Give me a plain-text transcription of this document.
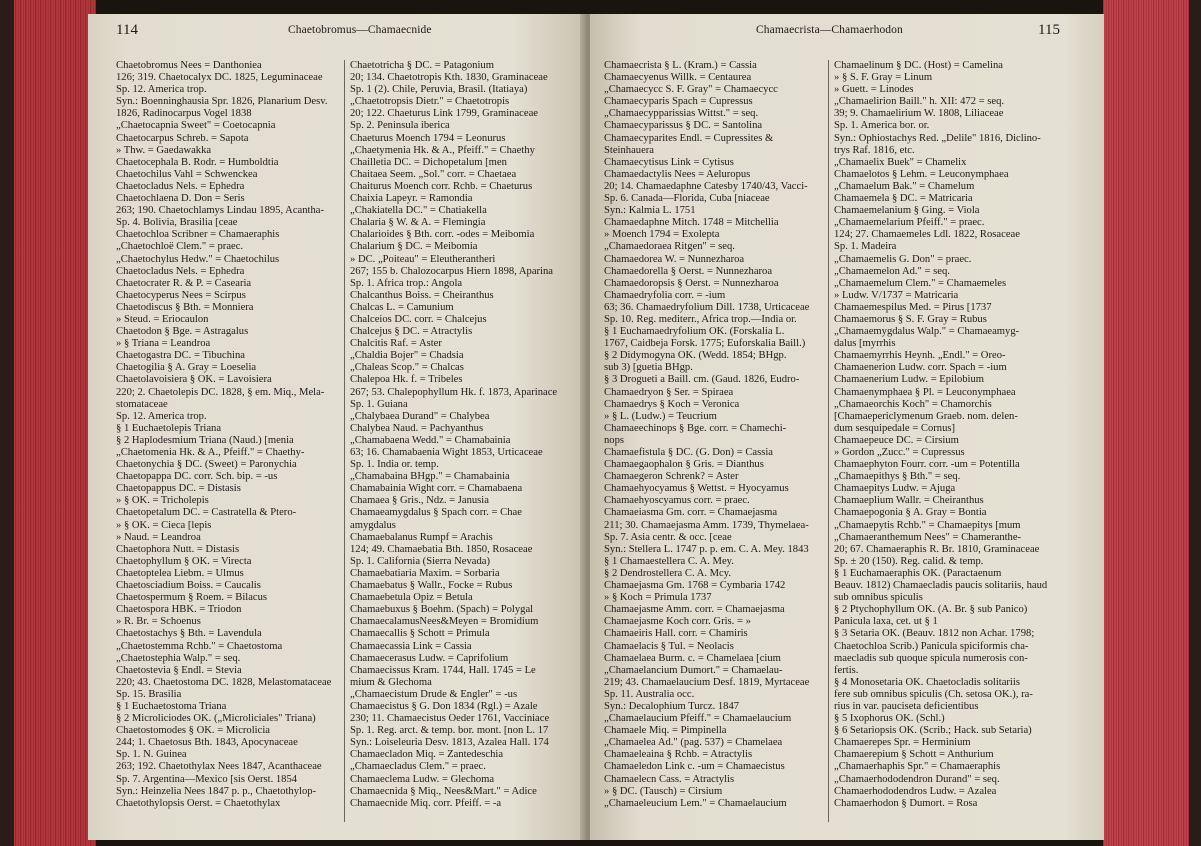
114	Chaetobromus—Chamaecnide
Chaetobromus Nees = Danthoniea
126; 319. Chaetocalyx DC. 1825, Leguminaceae
Sp. 12. America trop.
Syn.: Boenninghausia Spr. 1826, Planarium Desv.
1826, Radinocarpus Vogel 1838
„Chaetocapnia Sweet" = Coetocapnia
Chaetocarpus Schreb. = Sapota
» Thw. = Gaedawakka
Chaetocephala B. Rodr. = Humboldtia
Chaetochilus Vahl = Schwenckea
Chaetocladus Nels. = Ephedra
Chaetochlaena D. Don = Seris
263; 190. Chaetochlamys Lindau 1895, Acantha-
Sp. 4. Bolivia, Brasilia [ceae
Chaetochloa Scribner = Chamaeraphis
„Chaetochloë Clem." = praec.
„Chaetochylus Hedw." = Chaetochilus
Chaetocladus Nels. = Ephedra
Chaetocrater R. & P. = Casearia
Chaetocyperus Nees = Scirpus
Chaetodiscus § Bth. = Monniera
» Steud. = Eriocaulon
Chaetodon § Bge. = Astragalus
» § Triana = Leandroa
Chaetogastra DC. = Tibuchina
Chaetogilia § A. Gray = Loeselia
Chaetolavoisiera § OK. = Lavoisiera
220; 2. Chaetolepis DC. 1828, § em. Miq., Mela-
stomataceae
Sp. 12. America trop.
§ 1 Euchaetolepis Triana
§ 2 Haplodesmium Triana (Naud.) [menia
„Chaetomenia Hk. & A., Pfeiff." = Chaethy-
Chaetonychia § DC. (Sweet) = Paronychia
Chaetopappa DC. corr. Sch. bip. = -us
Chaetopappus DC. = Distasis
» § OK. = Tricholepis
Chaetopetalum DC. = Castratella & Ptero-
» § OK. = Cieca [lepis
» Naud. = Leandroa
Chaetophora Nutt. = Distasis
Chaetophyllum § OK. = Virecta
Chaetoptelea Liebm. = Ulmus
Chaetosciadium Boiss. = Caucalis
Chaetospermum § Roem. = Bilacus
Chaetospora HBK. = Triodon
» R. Br. = Schoenus
Chaetostachys § Bth. = Lavendula
„Chaetostemma Rchb." = Chaetostoma
„Chaetostephia Walp." = seq.
Chaetostevia § Endl. = Stevia
220; 43. Chaetostoma DC. 1828, Melastomataceae
Sp. 15. Brasilia
§ 1 Euchaetostoma Triana
§ 2 Microliciodes OK. („Microliciales" Triana)
Chaetostomodes § OK. = Microlicia
244; 1. Chaetosus Bth. 1843, Apocynaceae
Sp. 1. N. Guinea
263; 192. Chaetothylax Nees 1847, Acanthaceae
Sp. 7. Argentina—Mexico [sis Oerst. 1854
Syn.: Heinzelia Nees 1847 p. p., Chaetothylop-
Chaetothylopsis Oerst. = Chaetothylax
Chaetotricha § DC. = Patagonium
20; 134. Chaetotropis Kth. 1830, Graminaceae
Sp. 1 (2). Chile, Peruvia, Brasil. (Itatiaya)
„Chaetotropsis Dietr." = Chaetotropis
20; 122. Chaeturus Link 1799, Graminaceae
Sp. 2. Peninsula iberica
Chaeturus Moench 1794 = Leonurus
„Chaetymenia Hk. & A., Pfeiff." = Chaethy
Chailletia DC. = Dichopetalum [men
Chaitaea Seem. „Sol." corr. = Chaetaea
Chaiturus Moench corr. Rchb. = Chaeturus
Chaixia Lapeyr. = Ramondia
„Chakiatella DC." = Chatiakella
Chalaria § W. & A. = Flemingia
Chalarioides § Bth. corr. -odes = Meibomia
Chalarium § DC. = Meibomia
» DC. „Poiteau" = Eleutherantheri
267; 155 b. Chalozocarpus Hiern 1898, Aparina
Sp. 1. Africa trop.: Angola
Chalcanthus Boiss. = Cheiranthus
Chalcas L. = Camunium
Chalceios DC. corr. = Chalcejus
Chalcejus § DC. = Atractylis
Chalcitis Raf. = Aster
„Chaldia Bojer" = Chadsia
„Chaleas Scop." = Chalcas
Chalepoa Hk. f. = Tribeles
267; 53. Chalepophyllum Hk. f. 1873, Aparinace
Sp. 1. Guiana
„Chalybaea Durand" = Chalybea
Chalybea Naud. = Pachyanthus
„Chamabaena Wedd." = Chamabainia
63; 16. Chamabaenia Wight 1853, Urticaceae
Sp. 1. India or. temp.
„Chamabaina BHgp." = Chamabainia
Chamabainia Wight corr. = Chamabaena
Chamaea § Gris., Ndz. = Janusia
Chamaeamygdalus § Spach corr. = Chae
amygdalus
Chamaebalanus Rumpf = Arachis
124; 49. Chamaebatia Bth. 1850, Rosaceae
Sp. 1. California (Sierra Nevada)
Chamaebatiaria Maxim. = Sorbaria
Chamaebatus § Wallr., Focke = Rubus
Chamaebetula Opiz = Betula
Chamaebuxus § Boehm. (Spach) = Polygal
ChamaecalamusNees&Meyen = Bromidium
Chamaecallis § Schott = Primula
Chamaecassia Link = Cassia
Chamaecerasus Ludw. = Caprifolium
Chamaecissus Kram. 1744, Hall. 1745 = Le
mium & Glechoma
„Chamaecistum Drude & Engler" = -us
Chamaecistus § G. Don 1834 (Rgl.) = Azale
230; 11. Chamaecistus Oeder 1761, Vacciniace
Sp. 1. Reg. arct. & temp. bor. mont. [non L. 17
Syn.: Loiseleuria Desv. 1813, Azalea Hall. 174
Chamaecladon Miq. = Zantedeschia
„Chamaecladus Clem." = praec.
Chamaeclema Ludw. = Glechoma
Chamaecnida § Miq., Nees&Mart." = Adice
Chamaecnide Miq. corr. Pfeiff. = -a
Chamaecrista—Chamaerhodon	115
Chamaecrista § L. (Kram.) = Cassia
Chamaecyenus Willk. = Centaurea
„Chamaecycc S. F. Gray" = Chamaecycc
Chamaecyparis Spach = Cupressus
„Chamaecypparissias Wittst." = seq.
Chamaecyparissus § DC. = Santolina
Chamaecyparites Endl. = Cupressites &
Steinhauera
Chamaecytisus Link = Cytisus
Chamaedactylis Nees = Aeluropus
20; 14. Chamaedaphne Catesby 1740/43, Vacci-
Sp. 6. Canada—Florida, Cuba [niaceae
Syn.: Kalmia L. 1751
Chamaedaphne Mitch. 1748 = Mitchellia
» Moench 1794 = Exolepta
„Chamaedoraea Ritgen" = seq.
Chamaedorea W. = Nunnezharoa
Chamaedorella § Oerst. = Nunnezharoa
Chamaedoropsis § Oerst. = Nunnezharoa
Chamaedryfolia corr. = -ium
63; 36. Chamaedryfolium Dill. 1738, Urticaceae
Sp. 10. Reg. mediterr., Africa trop.—India or.
§ 1 Euchamaedryfolium OK. (Forskalia L.
1767, Caidbeja Forsk. 1775; Euforskalia Baill.)
§ 2 Didymogyna OK. (Wedd. 1854; BHgp.
sub 3) [guetia BHgp.
§ 3 Drogueti a Baill. cm. (Gaud. 1826, Eudro-
Chamaedryon § Ser. = Spiraea
Chamaedrys § Koch = Veronica
» § L. (Ludw.) = Teucrium
Chamaeechinops § Bge. corr. = Chamechi-
nops
Chamaefistula § DC. (G. Don) = Cassia
Chamaegaophalon § Gris. = Dianthus
Chamaegeron Schrenk? = Aster
Chamaehyocyamus § Wettst. = Hyocyamus
Chamaehyoscyamus corr. = praec.
Chamaeiasma Gm. corr. = Chamaejasma
211; 30. Chamaejasma Amm. 1739, Thymelaea-
Sp. 7. Asia centr. & occ. [ceae
Syn.: Stellera L. 1747 p. p. em. C. A. Mey. 1843
§ 1 Chamaestellera C. A. Mey.
§ 2 Dendrostellera C. A. Mcy.
Chamaejasma Gm. 1768 = Cymbaria 1742
» § Koch = Primula 1737
Chamaejasme Amm. corr. = Chamaejasma
Chamaejasme Koch corr. Gris. = »
Chamaeiris Hall. corr. = Chamiris
Chamaelacis § Tul. = Neolacis
Chamaelaea Burm. c. = Chamelaea [cium
„Chamaelancium Dumort." = Chamaelau-
219; 43. Chamaelaucium Desf. 1819, Myrtaceae
Sp. 11. Australia occ.
Syn.: Decalophium Turcz. 1847
„Chamaelaucium Pfeiff." = Chamaelaucium
Chamaele Miq. = Pimpinella
„Chamaelea Ad." (pag. 537) = Chamelaea
Chamaeleaina § Rchb. = Atractylis
Chamaeledon Link c. -um = Chamaecistus
Chamaelecn Cass. = Atractylis
» § DC. (Tausch) = Cirsium
„Chamaeleucium Lem." = Chamaelaucium
Chamaelinum § DC. (Host) = Camelina
» § S. F. Gray = Linum
» Guett. = Linodes
„Chamaelirion Baill." h. XII: 472 = seq.
39; 9. Chamaelirium W. 1808, Liliaceae
Sp. 1. America bor. or.
Syn.: Ophiostachys Red. „Delile" 1816, Diclino-
trys Raf. 1816, etc.
„Chamaelix Buek" = Chamelix
Chamaelotos § Lehm. = Leuconymphaea
„Chamaelum Bak." = Chamelum
Chamaemela § DC. = Matricaria
Chamaemelanium § Ging. = Viola
„Chamaemelarium Pfeiff." = praec.
124; 27. Chamaemeles Ldl. 1822, Rosaceae
Sp. 1. Madeira
„Chamaemelis G. Don" = praec.
„Chamaemelon Ad." = seq.
„Chamaemelum Clem." = Chamaemeles
» Ludw. V/1737 = Matricaria
Chamaemespilus Med. = Pirus [1737
Chamaemorus § S. F. Gray = Rubus
„Chamaemygdalus Walp." = Chamaeamyg-
dalus [myrrhis
Chamaemyrrhis Heynh. „Endl." = Oreo-
Chamaenerion Ludw. corr. Spach = -ium
Chamaenerium Ludw. = Epilobium
Chamaenymphaea § Pl. = Leuconymphaea
„Chamaeorchis Koch" = Chamorchis
[Chamaepericlymenum Graeb. nom. delen-
dum sesquipedale = Cornus]
Chamaepeuce DC. = Cirsium
» Gordon „Zucc." = Cupressus
Chamaephyton Fourr. corr. -um = Potentilla
„Chamaepithys § Bth." = seq.
Chamaepitys Ludw. = Ajuga
Chamaeplium Wallr. = Cheiranthus
Chamaepogonia § A. Gray = Bontia
„Chamaepytis Rchb." = Chamaepitys [mum
„Chamaeranthemum Nees" = Chameranthe-
20; 67. Chamaeraphis R. Br. 1810, Graminaceae
Sp. ± 20 (150). Reg. calid. & temp.
§ 1 Euchamaeraphis OK. (Paractaenum
Beauv. 1812) Chamaecladis paucis solitariis, haud
sub omnibus spiculis
§ 2 Ptychophyllum OK. (A. Br. § sub Panico)
Panicula laxa, cet. ut § 1
§ 3 Setaria OK. (Beauv. 1812 non Achar. 1798;
Chaetochloa Scrib.) Panicula spiciformis cha-
maecladis sub quoque spicula numerosis con-
fertis.
§ 4 Monosetaria OK. Chaetocladis solitariis
fere sub omnibus spiculis (Ch. setosa OK.), ra-
rius in var. pauciseta deficientibus
§ 5 Ixophorus OK. (Schl.)
§ 6 Setariopsis OK. (Scrib.; Hack. sub Setaria)
Chamaerepes Spr. = Herminium
Chamaerepium § Schott = Anthurium
„Chamaerhaphis Spr." = Chamaeraphis
„Chamaerhododendron Durand" = seq.
Chamaerhododendros Ludw. = Azalea
Chamaerhodon § Dumort. = Rosa
